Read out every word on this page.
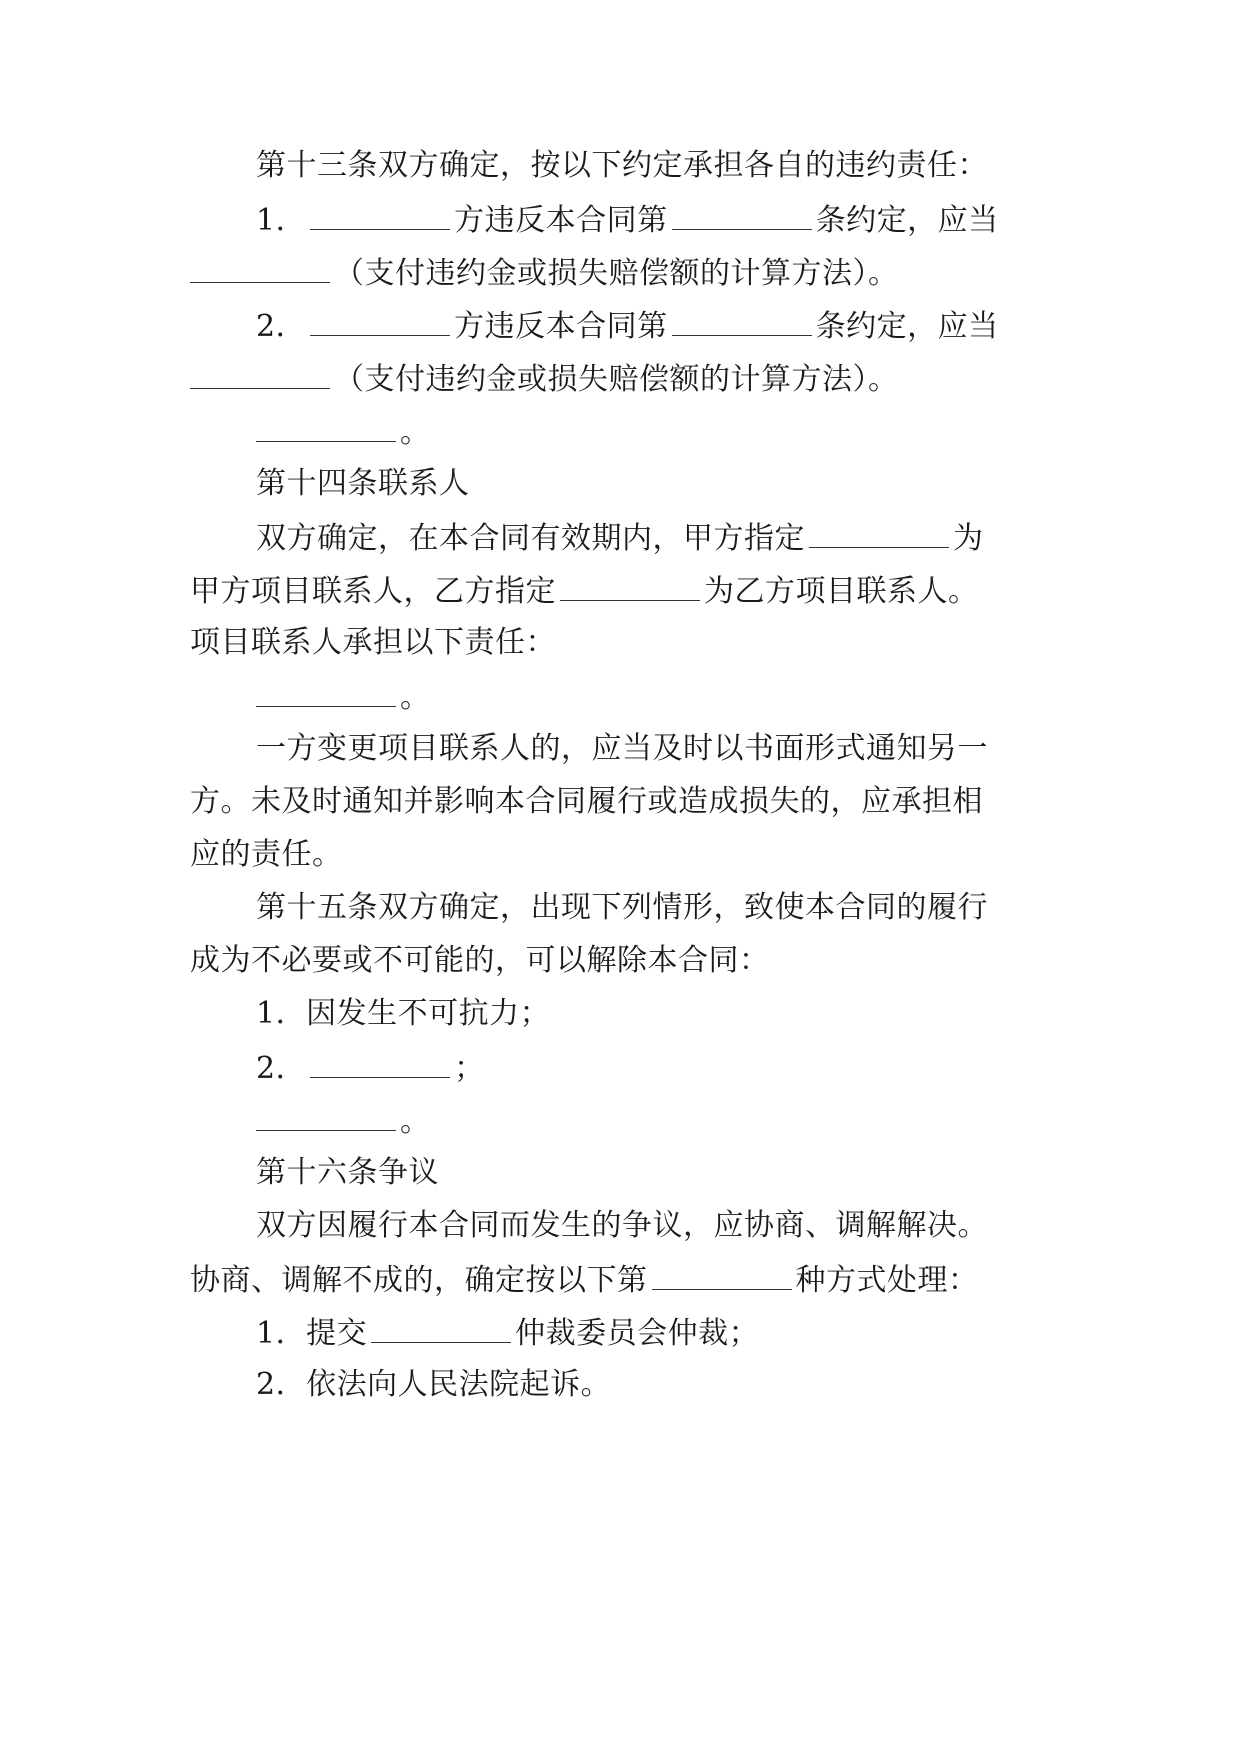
第十三条双方确定，按以下约定承担各自的违约责任：
1．	方违反本合同第	条约定，应当
（支付违约金或损失赔偿额的计算方法）。
2．	方违反本合同第	条约定，应当
（支付违约金或损失赔偿额的计算方法）。
。
第十四条联系人
双方确定，在本合同有效期内，甲方指定	为
甲方项目联系人，乙方指定	为乙方项目联系人。
项目联系人承担以下责任：
。
一方变更项目联系人的，应当及时以书面形式通知另一
方。未及时通知并影响本合同履行或造成损失的，应承担相
应的责任。
第十五条双方确定，出现下列情形，致使本合同的履行
成为不必要或不可能的，可以解除本合同：
1．因发生不可抗力；
2．	；
。
第十六条争议
双方因履行本合同而发生的争议，应协商、调解解决。
协商、调解不成的，确定按以下第	种方式处理：
1．提交	仲裁委员会仲裁；
2．依法向人民法院起诉。
